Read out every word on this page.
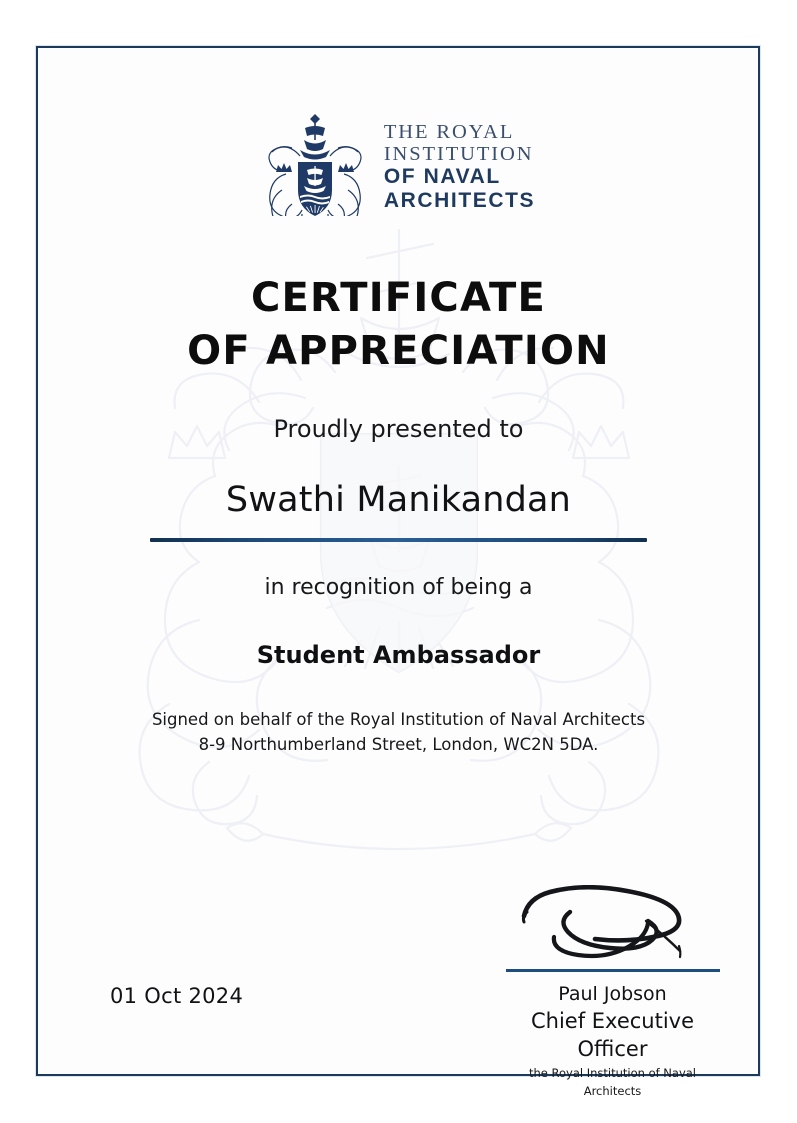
THE ROYAL
INSTITUTION
OF NAVAL
ARCHITECTS
CERTIFICATE
OF APPRECIATION
Proudly presented to
Swathi Manikandan
in recognition of being a
Student Ambassador
Signed on behalf of the Royal Institution of Naval Architects
8-9 Northumberland Street, London, WC2N 5DA.
Paul Jobson
Chief Executive Officer
the Royal Institution of Naval Architects
01 Oct 2024
